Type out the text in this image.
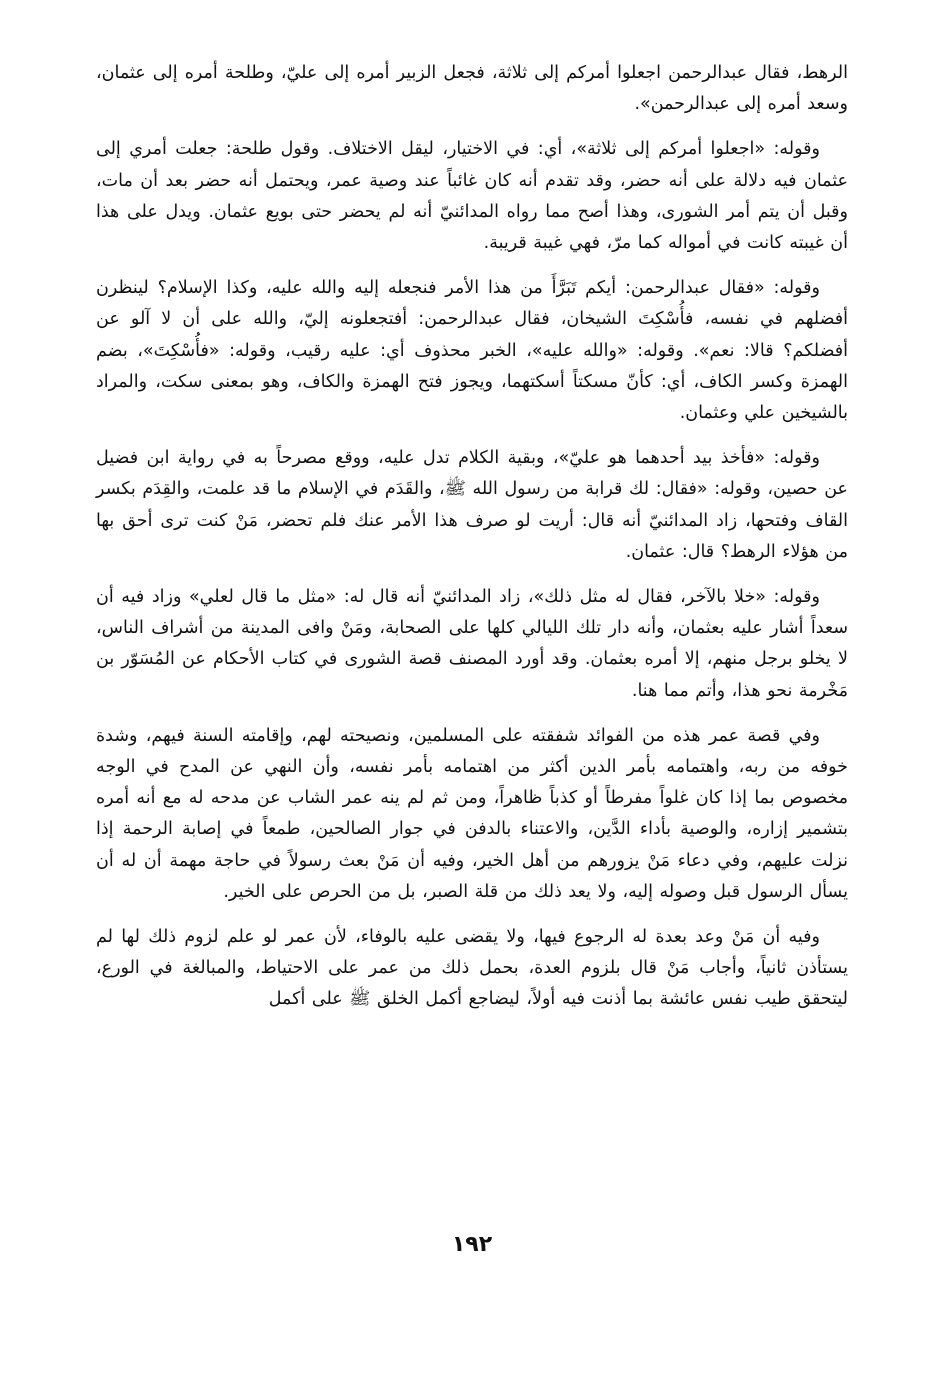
الرهط، فقال عبدالرحمن اجعلوا أمركم إلى ثلاثة، فجعل الزبير أمره إلى عليّ، وطلحة أمره إلى عثمان، وسعد أمره إلى عبدالرحمن».

وقوله: «اجعلوا أمركم إلى ثلاثة»، أي: في الاختيار، ليقل الاختلاف. وقول طلحة: جعلت أمري إلى عثمان فيه دلالة على أنه حضر، وقد تقدم أنه كان غائباً عند وصية عمر، ويحتمل أنه حضر بعد أن مات، وقبل أن يتم أمر الشورى، وهذا أصح مما رواه المدائنيّ أنه لم يحضر حتى بويع عثمان. ويدل على هذا أن غيبته كانت في أمواله كما مرّ، فهي غيبة قريبة.

وقوله: «فقال عبدالرحمن: أيكم تَبَرَّأَ من هذا الأمر فنجعله إليه والله عليه، وكذا الإسلام؟ لينظرن أفضلهم في نفسه، فأُسْكِتَ الشيخان، فقال عبدالرحمن: أفتجعلونه إليّ، والله على أن لا آلو عن أفضلكم؟ قالا: نعم». وقوله: «والله عليه»، الخبر محذوف أي: عليه رقيب، وقوله: «فأُسْكِتَ»، بضم الهمزة وكسر الكاف، أي: كأنّ مسكتاً أسكتهما، ويجوز فتح الهمزة والكاف، وهو بمعنى سكت، والمراد بالشيخين علي وعثمان.

وقوله: «فأخذ بيد أحدهما هو عليّ»، وبقية الكلام تدل عليه، ووقع مصرحاً به في رواية ابن فضيل عن حصين، وقوله: «فقال: لك قرابة من رسول الله ﷺ، والقَدَم في الإسلام ما قد علمت، والقِدَم بكسر القاف وفتحها، زاد المدائنيّ أنه قال: أريت لو صرف هذا الأمر عنك فلم تحضر، مَنْ كنت ترى أحق بها من هؤلاء الرهط؟ قال: عثمان.

وقوله: «خلا بالآخر، فقال له مثل ذلك»، زاد المدائنيّ أنه قال له: «مثل ما قال لعلي» وزاد فيه أن سعداً أشار عليه بعثمان، وأنه دار تلك الليالي كلها على الصحابة، ومَنْ وافى المدينة من أشراف الناس، لا يخلو برجل منهم، إلا أمره بعثمان. وقد أورد المصنف قصة الشورى في كتاب الأحكام عن المُسَوّر بن مَخْرمة نحو هذا، وأتم مما هنا.

وفي قصة عمر هذه من الفوائد شفقته على المسلمين، ونصيحته لهم، وإقامته السنة فيهم، وشدة خوفه من ربه، واهتمامه بأمر الدين أكثر من اهتمامه بأمر نفسه، وأن النهي عن المدح في الوجه مخصوص بما إذا كان غلواً مفرطاً أو كذباً ظاهراً، ومن ثم لم ينه عمر الشاب عن مدحه له مع أنه أمره بتشمير إزاره، والوصية بأداء الدَّين، والاعتناء بالدفن في جوار الصالحين، طمعاً في إصابة الرحمة إذا نزلت عليهم، وفي دعاء مَنْ يزورهم من أهل الخير، وفيه أن مَنْ بعث رسولاً في حاجة مهمة أن له أن يسأل الرسول قبل وصوله إليه، ولا يعد ذلك من قلة الصبر، بل من الحرص على الخير.

وفيه أن مَنْ وعد بعدة له الرجوع فيها، ولا يقضى عليه بالوفاء، لأن عمر لو علم لزوم ذلك لها لم يستأذن ثانياً، وأجاب مَنْ قال بلزوم العدة، بحمل ذلك من عمر على الاحتياط، والمبالغة في الورع، ليتحقق طيب نفس عائشة بما أذنت فيه أولاً، ليضاجع أكمل الخلق ﷺ على أكمل

١٩٢
